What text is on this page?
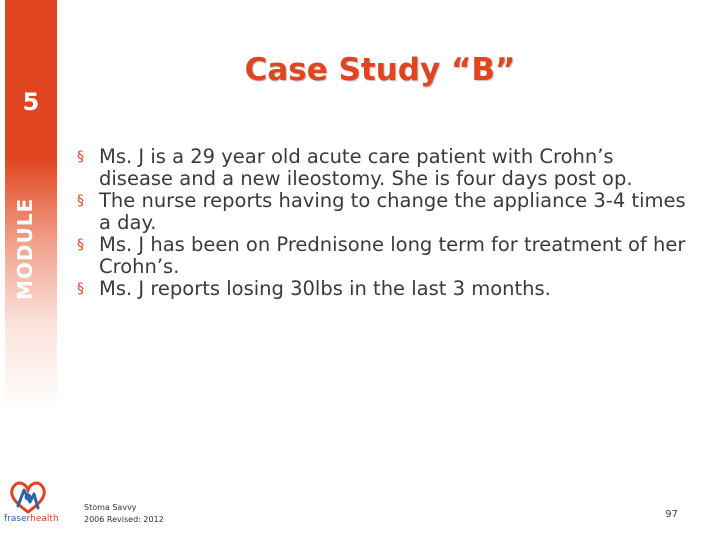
5
MODULE
Case Study “B”
§ Ms. J is a 29 year old acute care patient with Crohn’s disease and a new ileostomy. She is four days post op.
§ The nurse reports having to change the appliance 3-4 times a day.
§ Ms. J has been on Prednisone long term for treatment of her Crohn’s.
§ Ms. J reports losing 30lbs in the last 3 months.
fraserhealth
Stoma Savvy
2006 Revised: 2012	97
